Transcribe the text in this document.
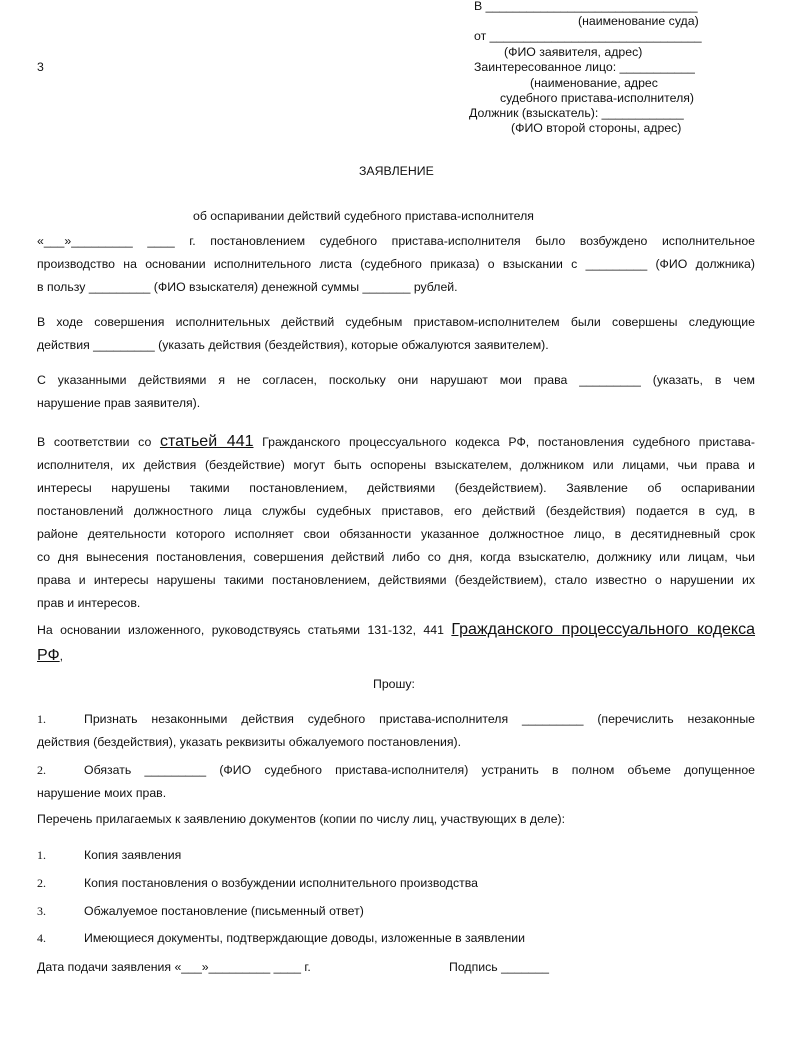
3
В _______________________________
(наименование суда)
от _______________________________
(ФИО заявителя, адрес)
Заинтересованное лицо: ___________
(наименование, адрес
судебного пристава-исполнителя)
Должник (взыскатель): ____________
(ФИО второй стороны, адрес)
ЗАЯВЛЕНИЕ
об оспаривании действий судебного пристава-исполнителя
«___»_________ ____ г. постановлением судебного пристава-исполнителя было возбуждено исполнительное
производство на основании исполнительного листа (судебного приказа) о взыскании с _________ (ФИО должника)
в пользу _________ (ФИО взыскателя) денежной суммы _______ рублей.
В ходе совершения исполнительных действий судебным приставом-исполнителем были совершены следующие
действия _________ (указать действия (бездействия), которые обжалуются заявителем).
С указанными действиями я не согласен, поскольку они нарушают мои права _________ (указать, в чем
нарушение прав заявителя).
В соответствии со статьей 441 Гражданского процессуального кодекса РФ, постановления судебного пристава-
исполнителя, их действия (бездействие) могут быть оспорены взыскателем, должником или лицами, чьи права и
интересы нарушены такими постановлением, действиями (бездействием). Заявление об оспаривании
постановлений должностного лица службы судебных приставов, его действий (бездействия) подается в суд, в
районе деятельности которого исполняет свои обязанности указанное должностное лицо, в десятидневный срок
со дня вынесения постановления, совершения действий либо со дня, когда взыскателю, должнику или лицам, чьи
права и интересы нарушены такими постановлением, действиями (бездействием), стало известно о нарушении их
прав и интересов.
На основании изложенного, руководствуясь статьями 131-132, 441 Гражданского процессуального кодекса
РФ,
Прошу:
1.	Признать незаконными действия судебного пристава-исполнителя _________ (перечислить незаконные
действия (бездействия), указать реквизиты обжалуемого постановления).
2.	Обязать _________ (ФИО судебного пристава-исполнителя) устранить в полном объеме допущенное
нарушение моих прав.
Перечень прилагаемых к заявлению документов (копии по числу лиц, участвующих в деле):
1.	Копия заявления
2.	Копия постановления о возбуждении исполнительного производства
3.	Обжалуемое постановление (письменный ответ)
4.	Имеющиеся документы, подтверждающие доводы, изложенные в заявлении
Дата подачи заявления «___»_________ ____ г.	Подпись _______
